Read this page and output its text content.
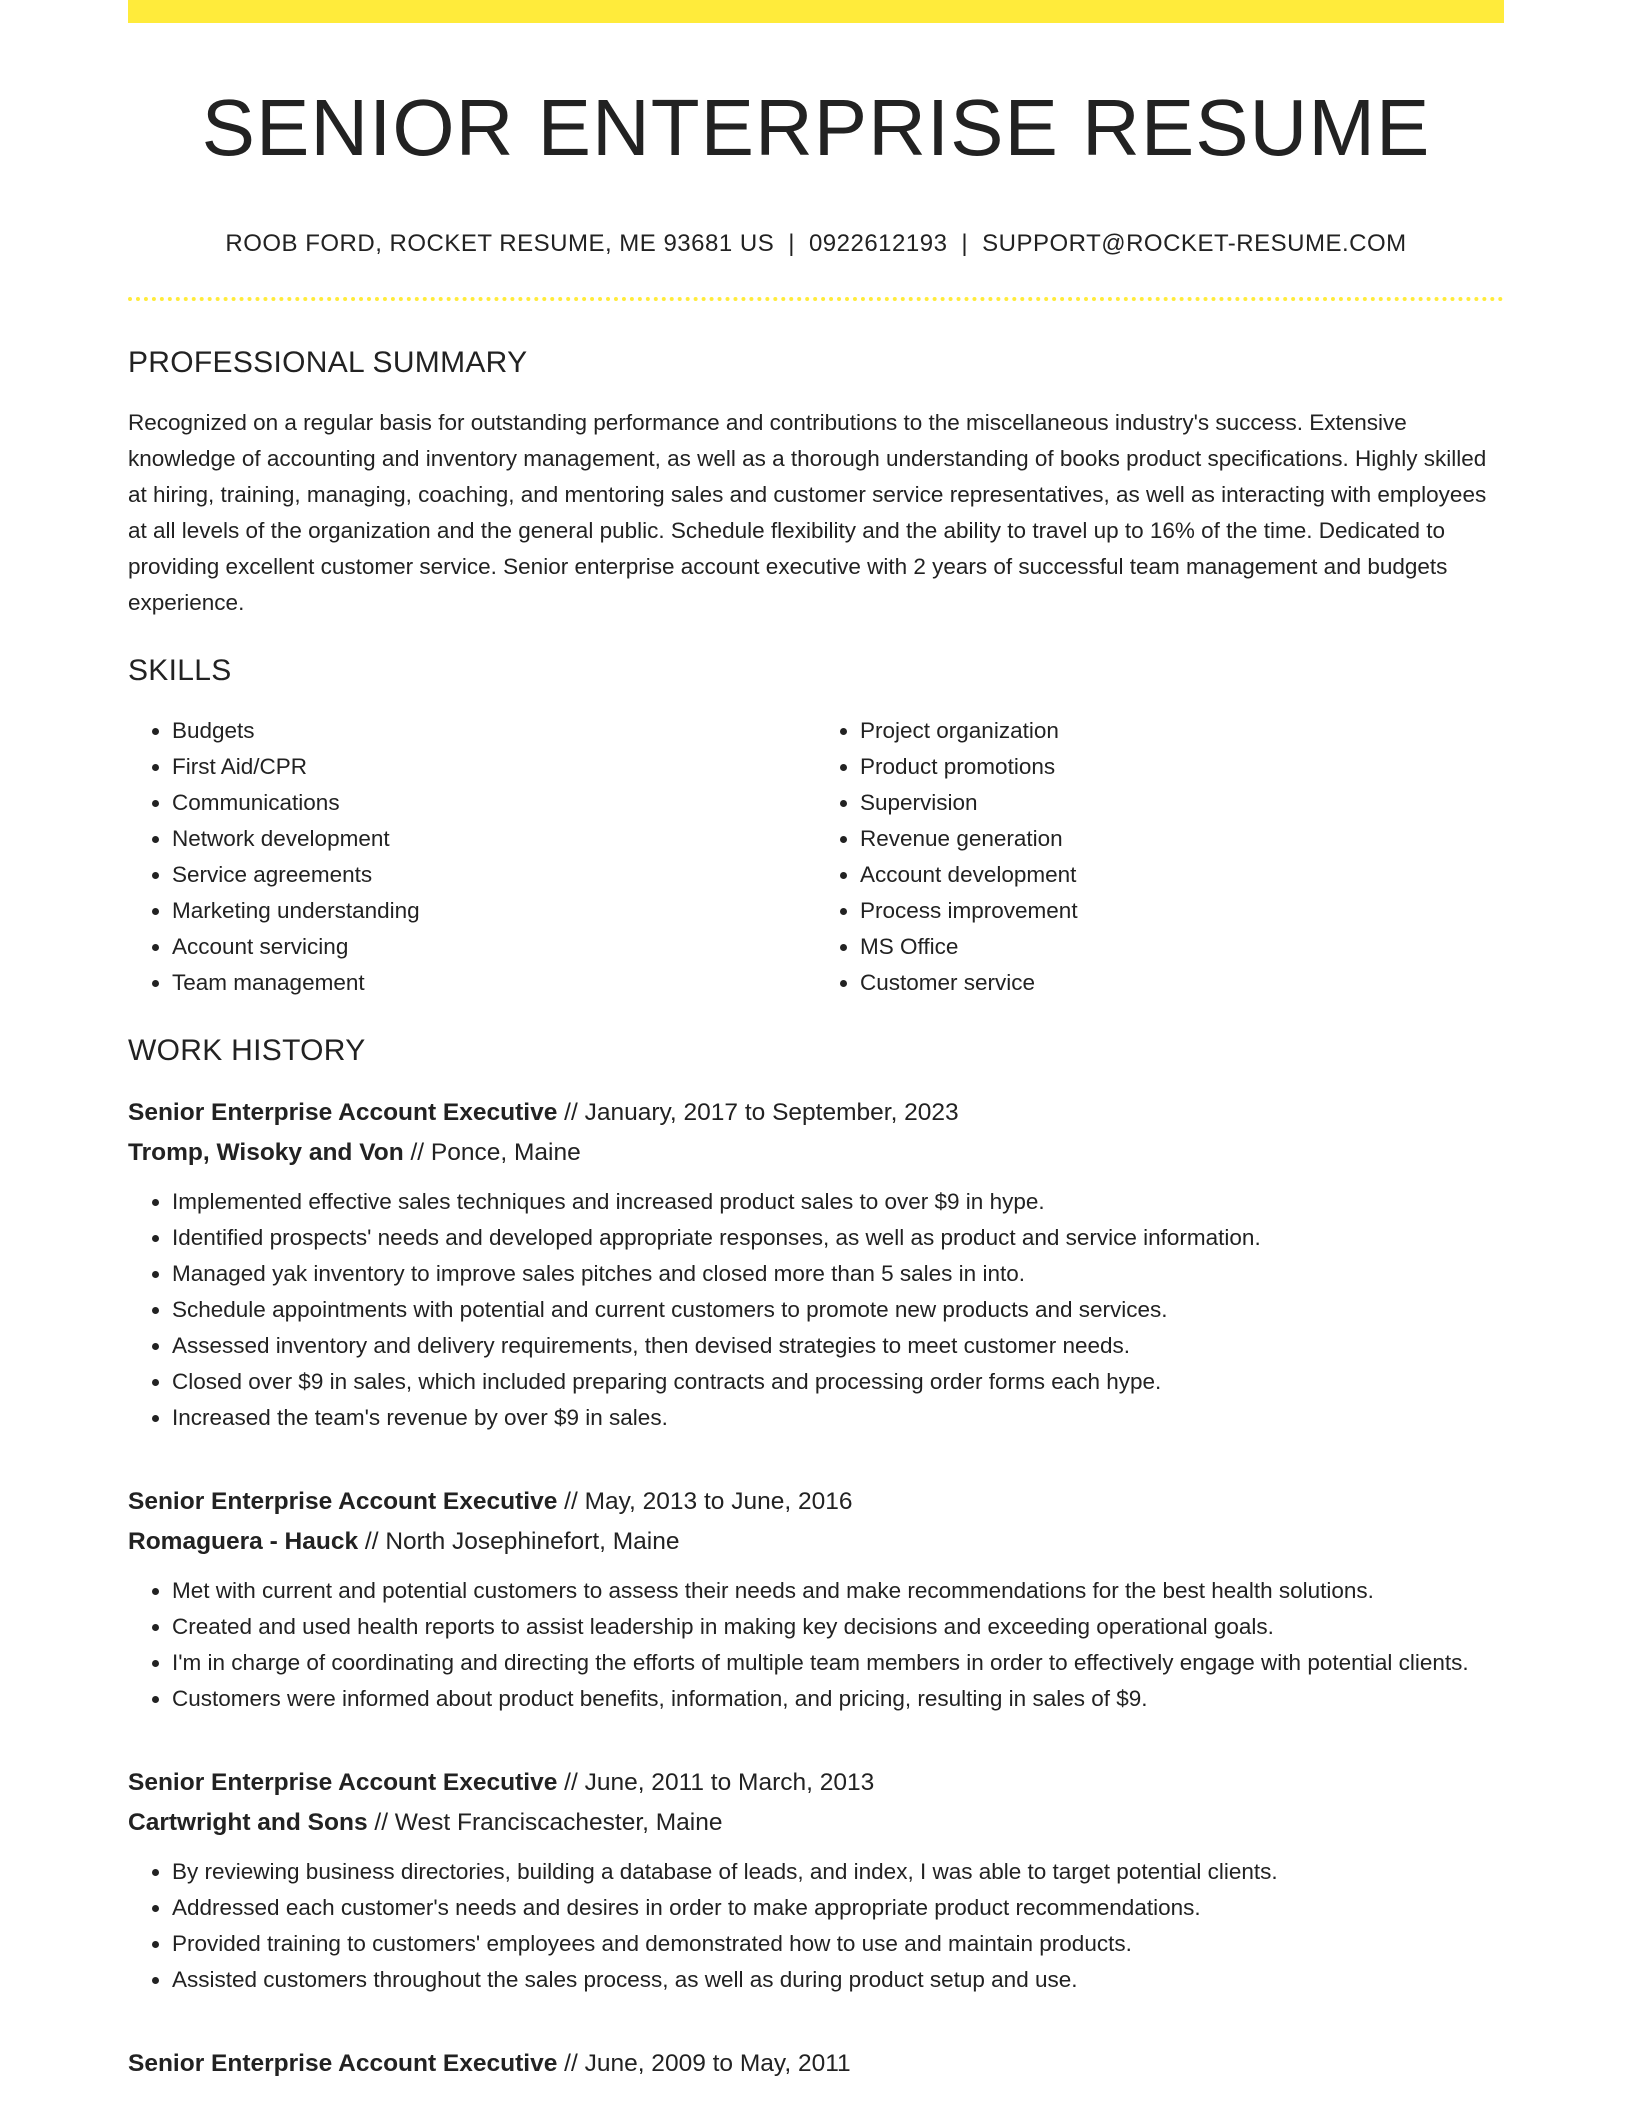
SENIOR ENTERPRISE RESUME
ROOB FORD, ROCKET RESUME, ME 93681 US | 0922612193 | SUPPORT@ROCKET-RESUME.COM
PROFESSIONAL SUMMARY
Recognized on a regular basis for outstanding performance and contributions to the miscellaneous industry's success. Extensive knowledge of accounting and inventory management, as well as a thorough understanding of books product specifications. Highly skilled at hiring, training, managing, coaching, and mentoring sales and customer service representatives, as well as interacting with employees at all levels of the organization and the general public. Schedule flexibility and the ability to travel up to 16% of the time. Dedicated to providing excellent customer service. Senior enterprise account executive with 2 years of successful team management and budgets experience.
SKILLS
• Budgets
• First Aid/CPR
• Communications
• Network development
• Service agreements
• Marketing understanding
• Account servicing
• Team management
• Project organization
• Product promotions
• Supervision
• Revenue generation
• Account development
• Process improvement
• MS Office
• Customer service
WORK HISTORY
Senior Enterprise Account Executive // January, 2017 to September, 2023
Tromp, Wisoky and Von // Ponce, Maine
• Implemented effective sales techniques and increased product sales to over $9 in hype.
• Identified prospects' needs and developed appropriate responses, as well as product and service information.
• Managed yak inventory to improve sales pitches and closed more than 5 sales in into.
• Schedule appointments with potential and current customers to promote new products and services.
• Assessed inventory and delivery requirements, then devised strategies to meet customer needs.
• Closed over $9 in sales, which included preparing contracts and processing order forms each hype.
• Increased the team's revenue by over $9 in sales.
Senior Enterprise Account Executive // May, 2013 to June, 2016
Romaguera - Hauck // North Josephinefort, Maine
• Met with current and potential customers to assess their needs and make recommendations for the best health solutions.
• Created and used health reports to assist leadership in making key decisions and exceeding operational goals.
• I'm in charge of coordinating and directing the efforts of multiple team members in order to effectively engage with potential clients.
• Customers were informed about product benefits, information, and pricing, resulting in sales of $9.
Senior Enterprise Account Executive // June, 2011 to March, 2013
Cartwright and Sons // West Franciscachester, Maine
• By reviewing business directories, building a database of leads, and index, I was able to target potential clients.
• Addressed each customer's needs and desires in order to make appropriate product recommendations.
• Provided training to customers' employees and demonstrated how to use and maintain products.
• Assisted customers throughout the sales process, as well as during product setup and use.
Senior Enterprise Account Executive // June, 2009 to May, 2011
